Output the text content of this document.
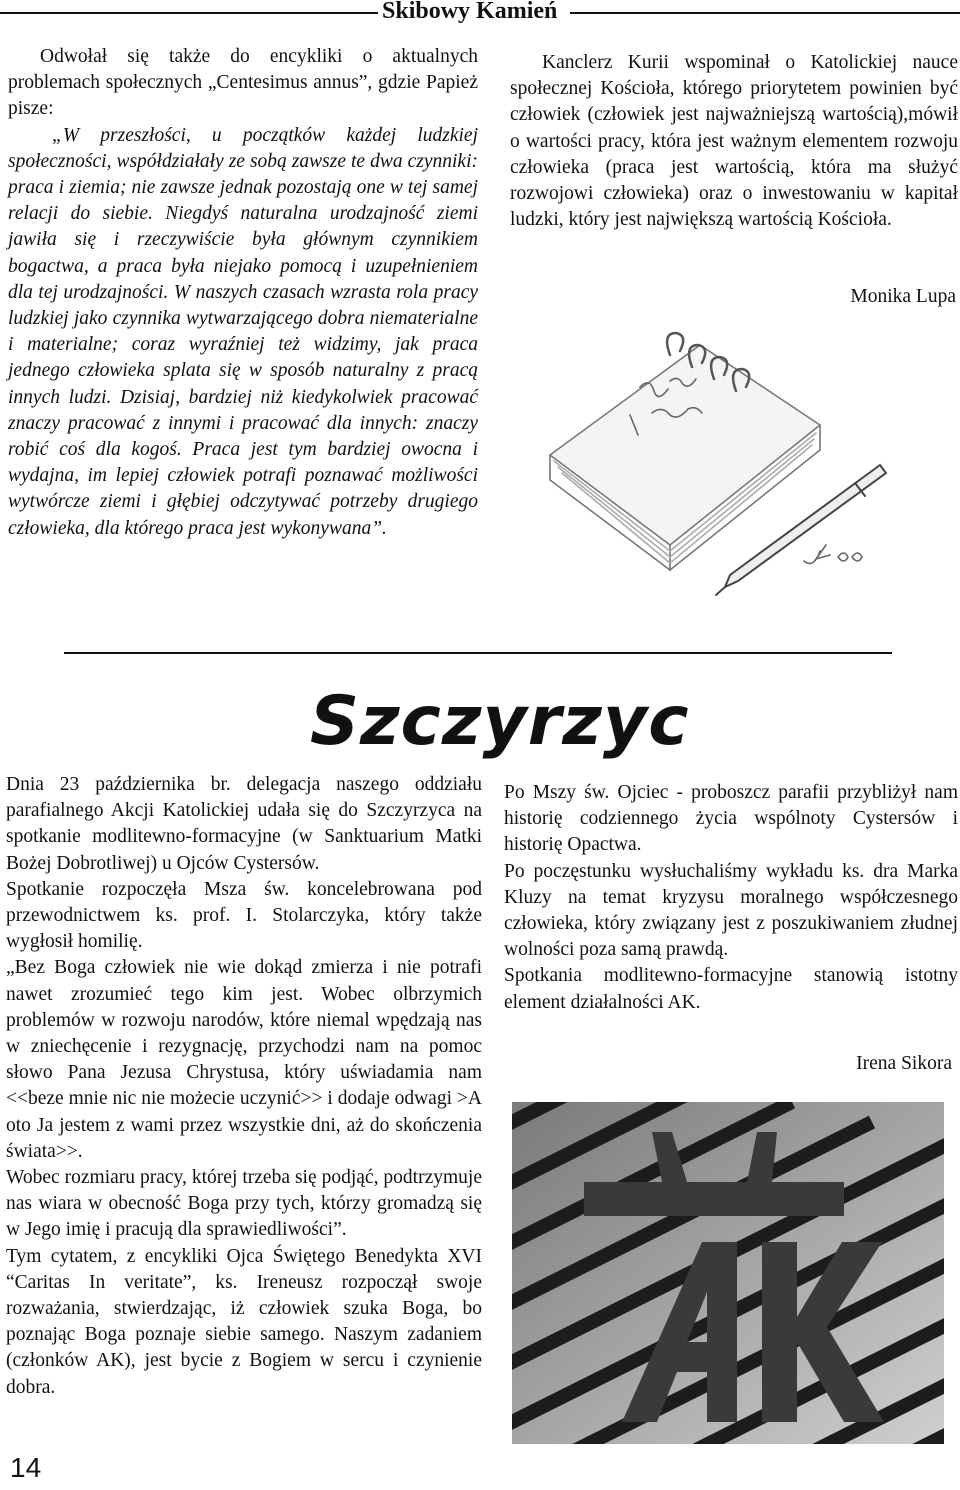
Skibowy Kamień

Odwołał się także do encykliki o aktualnych problemach społecznych „Centesimus annus”, gdzie Papież pisze:

„W przeszłości, u początków każdej ludzkiej społeczności, współdziałały ze sobą zawsze te dwa czynniki: praca i ziemia; nie zawsze jednak pozostają one w tej samej relacji do siebie. Niegdyś naturalna urodzajność ziemi jawiła się i rzeczywiście była głównym czynnikiem bogactwa, a praca była niejako pomocą i uzupełnieniem dla tej urodzajności. W naszych czasach wzrasta rola pracy ludzkiej jako czynnika wytwarzającego dobra niematerialne i materialne; coraz wyraźniej też widzimy, jak praca jednego człowieka splata się w sposób naturalny z pracą innych ludzi. Dzisiaj, bardziej niż kiedykolwiek pracować znaczy pracować z innymi i pracować dla innych: znaczy robić coś dla kogoś. Praca jest tym bardziej owocna i wydajna, im lepiej człowiek potrafi poznawać możliwości wytwórcze ziemi i głębiej odczytywać potrzeby drugiego człowieka, dla którego praca jest wykonywana”.

Kanclerz Kurii wspominał o Katolickiej nauce społecznej Kościoła, którego priorytetem powinien być człowiek (człowiek jest najważniejszą wartością),mówił o wartości pracy, która jest ważnym elementem rozwoju człowieka (praca jest wartością, która ma służyć rozwojowi człowieka) oraz o inwestowaniu w kapitał ludzki, który jest największą wartością Kościoła.

Monika Lupa
Szczyrzyc

Dnia 23 października br. delegacja naszego oddziału parafialnego Akcji Katolickiej udała się do Szczyrzyca na spotkanie modlitewno-formacyjne (w Sanktuarium Matki Bożej Dobrotliwej) u Ojców Cystersów.

Spotkanie rozpoczęła Msza św. koncelebrowana pod przewodnictwem ks. prof. I. Stolarczyka, który także wygłosił homilię.

„Bez Boga człowiek nie wie dokąd zmierza i nie potrafi nawet zrozumieć tego kim jest. Wobec olbrzymich problemów w rozwoju narodów, które niemal wpędzają nas w zniechęcenie i rezygnację, przychodzi nam na pomoc słowo Pana Jezusa Chrystusa, który uświadamia nam <<beze mnie nic nie możecie uczynić>> i dodaje odwagi >A oto Ja jestem z wami przez wszystkie dni, aż do skończenia świata>>.

Wobec rozmiaru pracy, której trzeba się podjąć, podtrzymuje nas wiara w obecność Boga przy tych, którzy gromadzą się w Jego imię i pracują dla sprawiedliwości”.

Tym cytatem, z encykliki Ojca Świętego Benedykta XVI “Caritas In veritate”, ks. Ireneusz rozpoczął swoje rozważania, stwierdzając, iż człowiek szuka Boga, bo poznając Boga poznaje siebie samego. Naszym zadaniem (członków AK), jest bycie z Bogiem w sercu i czynienie dobra.

Po Mszy św. Ojciec - proboszcz parafii przybliżył nam historię codziennego życia wspólnoty Cystersów i historię Opactwa.

Po poczęstunku wysłuchaliśmy wykładu ks. dra Marka Kluzy na temat kryzysu moralnego współczesnego człowieka, który związany jest z poszukiwaniem złudnej wolności poza samą prawdą.

Spotkania modlitewno-formacyjne stanowią istotny element działalności AK.

Irena Sikora
14
